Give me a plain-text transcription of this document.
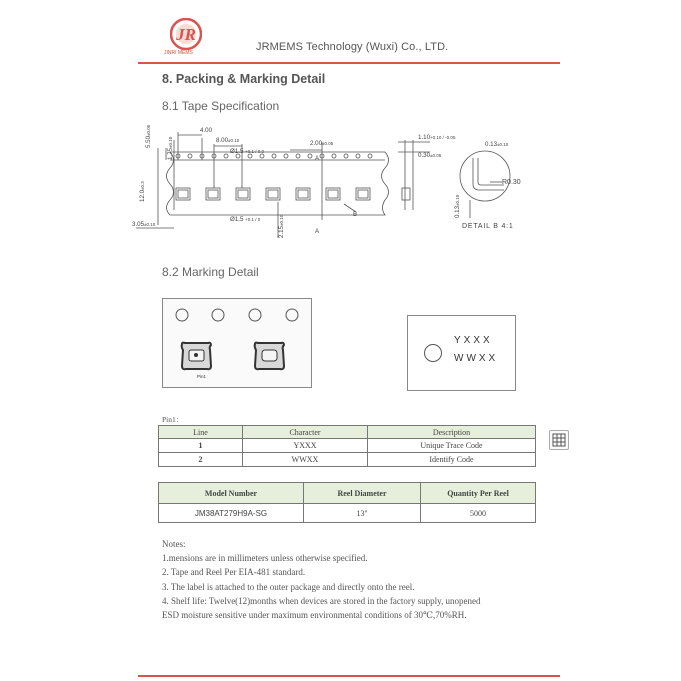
JR
JINRI MEMS	JRMEMS Technology (Wuxi) Co., LTD.
8. Packing & Marking Detail
8.1 Tape Specification
4.00
8.00±0.10
Ø1.5 +0.1 / 0.0
2.00±0.05
A
A
B
Ø1.5 +0.1 / 0
3.05±0.10
5.50±0.05
1.75±0.10
12.0±0.3
2.15±0.10
1.10+0.10 / -0.05
0.30±0.05
0.13±0.10
R0.30
0.13±0.10
DETAIL B 4:1
8.2 Marking Detail
Pin1
YXXX
WWXX
Pin1：
Line	Character	Description
1	YXXX	Unique Trace Code
2	WWXX	Identify Code
Model Number	Reel Diameter	Quantity Per Reel
JM38AT279H9A-SG	13''	5000
Notes:
1.mensions are in millimeters unless otherwise specified.
2. Tape and Reel Per EIA-481 standard.
3. The label is attached to the outer package and directly onto the reel.
4. Shelf life: Twelve(12)months when devices are stored in the factory supply, unopened
ESD moisture sensitive under maximum environmental conditions of 30℃,70%RH.
